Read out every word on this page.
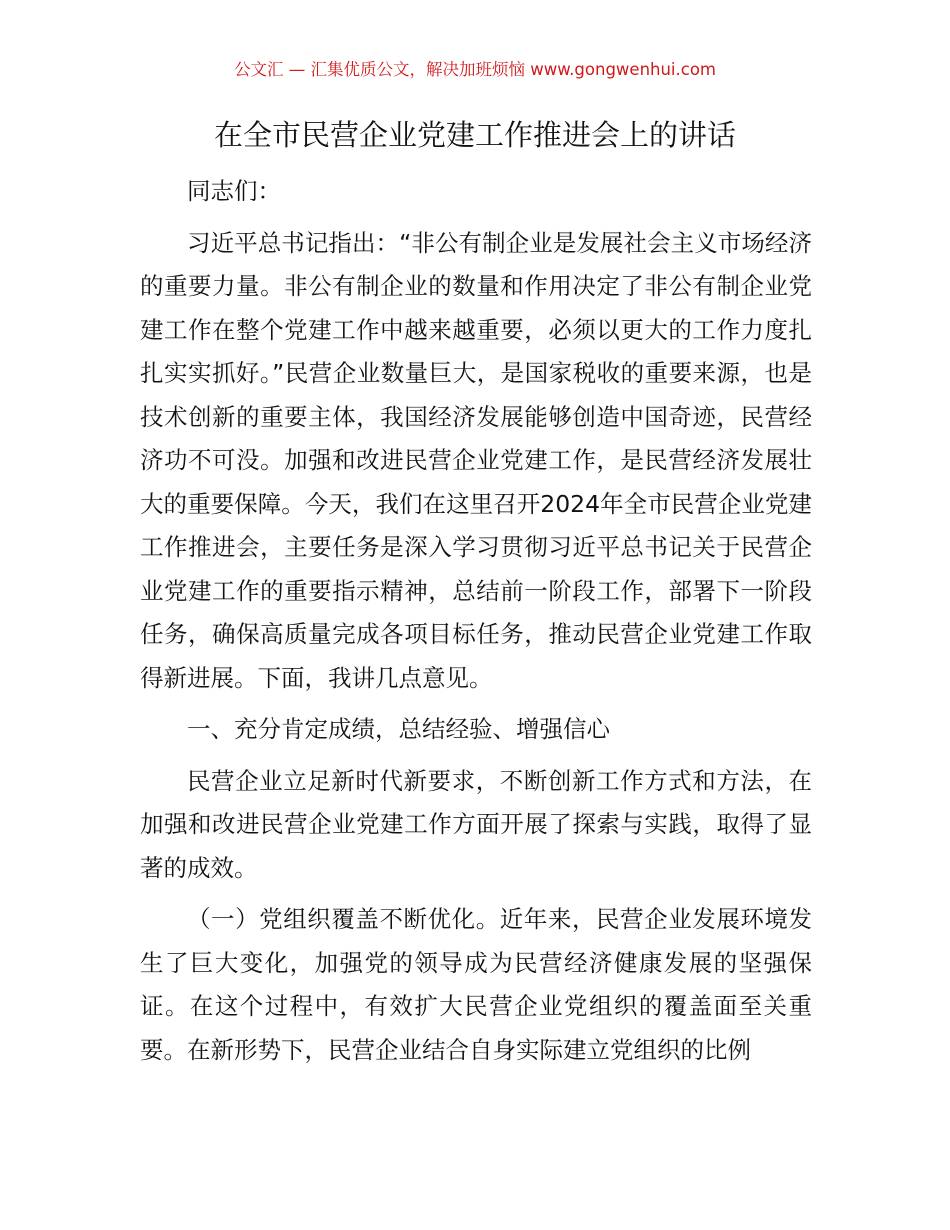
公文汇 — 汇集优质公文，解决加班烦恼 www.gongwenhui.com
在全市民营企业党建工作推进会上的讲话

同志们：

习近平总书记指出：“非公有制企业是发展社会主义市场经济的重要力量。非公有制企业的数量和作用决定了非公有制企业党建工作在整个党建工作中越来越重要，必须以更大的工作力度扎扎实实抓好。”民营企业数量巨大，是国家税收的重要来源，也是技术创新的重要主体，我国经济发展能够创造中国奇迹，民营经济功不可没。加强和改进民营企业党建工作，是民营经济发展壮大的重要保障。今天，我们在这里召开2024年全市民营企业党建工作推进会，主要任务是深入学习贯彻习近平总书记关于民营企业党建工作的重要指示精神，总结前一阶段工作，部署下一阶段任务，确保高质量完成各项目标任务，推动民营企业党建工作取得新进展。下面，我讲几点意见。

一、充分肯定成绩，总结经验、增强信心

民营企业立足新时代新要求，不断创新工作方式和方法，在加强和改进民营企业党建工作方面开展了探索与实践，取得了显著的成效。

（一）党组织覆盖不断优化。近年来，民营企业发展环境发生了巨大变化，加强党的领导成为民营经济健康发展的坚强保证。在这个过程中，有效扩大民营企业党组织的覆盖面至关重要。在新形势下，民营企业结合自身实际建立党组织的比例
